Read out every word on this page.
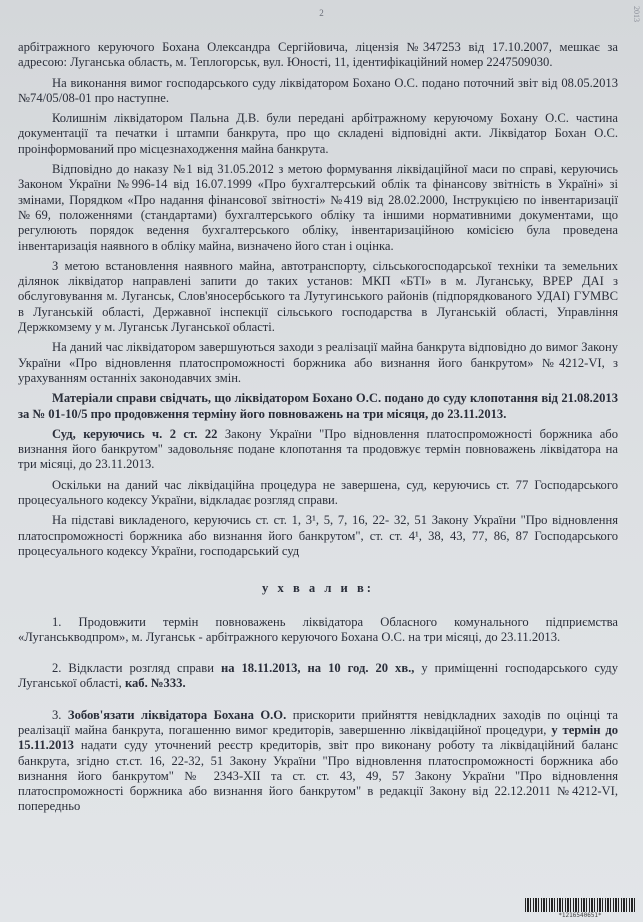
2	2013

арбітражного керуючого Бохана Олександра Сергійовича, ліцензія №347253 від 17.10.2007, мешкає за адресою: Луганська область, м. Теплогорськ, вул. Юності, 11, ідентифікаційний номер 2247509030.

На виконання вимог господарського суду ліквідатором Бохано О.С. подано поточний звіт від 08.05.2013 №74/05/08-01 про наступне.

Колишнім ліквідатором Пальна Д.В. були передані арбітражному керуючому Бохану О.С. частина документації та печатки і штампи банкрута, про що складені відповідні акти. Ліквідатор Бохан О.С. проінформований про місцезнаходження майна банкрута.

Відповідно до наказу №1 від 31.05.2012 з метою формування ліквідаційної маси по справі, керуючись Законом України №996-14 від 16.07.1999 «Про бухгалтерський облік та фінансову звітність в Україні» зі змінами, Порядком «Про надання фінансової звітності» №419 від 28.02.2000, Інструкцією по інвентаризації №69, положеннями (стандартами) бухгалтерського обліку та іншими нормативними документами, що регулюють порядок ведення бухгалтерського обліку, інвентаризаційною комісією була проведена інвентаризація наявного в обліку майна, визначено його стан і оцінка.

З метою встановлення наявного майна, автотранспорту, сільськогосподарської техніки та земельних ділянок ліквідатор направлені запити до таких установ: МКП «БТІ» в м. Луганську, ВРЕР ДАІ з обслуговування м. Луганськ, Слов'яносербського та Лутугинського районів (підпорядкованого УДАІ) ГУМВС в Луганській області, Державної інспекції сільського господарства в Луганській області, Управління Держкомзему у м. Луганськ Луганської області.

На даний час ліквідатором завершуються заходи з реалізації майна банкрута відповідно до вимог Закону України «Про відновлення платоспроможності боржника або визнання його банкрутом» №4212-VI, з урахуванням останніх законодавчих змін.

Матеріали справи свідчать, що ліквідатором Бохано О.С. подано до суду клопотання від 21.08.2013 за № 01-10/5 про продовження терміну його повноважень на три місяця, до 23.11.2013.

Суд, керуючись ч. 2 ст. 22 Закону України "Про відновлення платоспроможності боржника або визнання його банкрутом" задовольняє подане клопотання та продовжує термін повноважень ліквідатора на три місяці, до 23.11.2013.

Оскільки на даний час ліквідаційна процедура не завершена, суд, керуючись ст. 77 Господарського процесуального кодексу України, відкладає розгляд справи.

На підставі викладеного, керуючись ст. ст. 1, 3¹, 5, 7, 16, 22- 32, 51 Закону України "Про відновлення платоспроможності боржника або визнання його банкрутом", ст. ст. 4¹, 38, 43, 77, 86, 87 Господарського процесуального кодексу України, господарський суд

у х в а л и в:

1. Продовжити термін повноважень ліквідатора Обласного комунального підприємства «Луганськводпром», м. Луганськ - арбітражного керуючого Бохана О.С. на три місяці, до 23.11.2013.

2. Відкласти розгляд справи на 18.11.2013, на 10 год. 20 хв., у приміщенні господарського суду Луганської області, каб. №333.

3. Зобов'язати ліквідатора Бохана О.О. прискорити прийняття невідкладних заходів по оцінці та реалізації майна банкрута, погашенню вимог кредиторів, завершенню ліквідаційної процедури, у термін до 15.11.2013 надати суду уточнений реєстр кредиторів, звіт про виконану роботу та ліквідаційний баланс банкрута, згідно ст.ст. 16, 22-32, 51 Закону України "Про відновлення платоспроможності боржника або визнання його банкрутом" № 2343-ХІІ та ст. ст. 43, 49, 57 Закону України "Про відновлення платоспроможності боржника або визнання його банкрутом" в редакції Закону від 22.12.2011 №4212-VI, попередньо

*1216540651*
